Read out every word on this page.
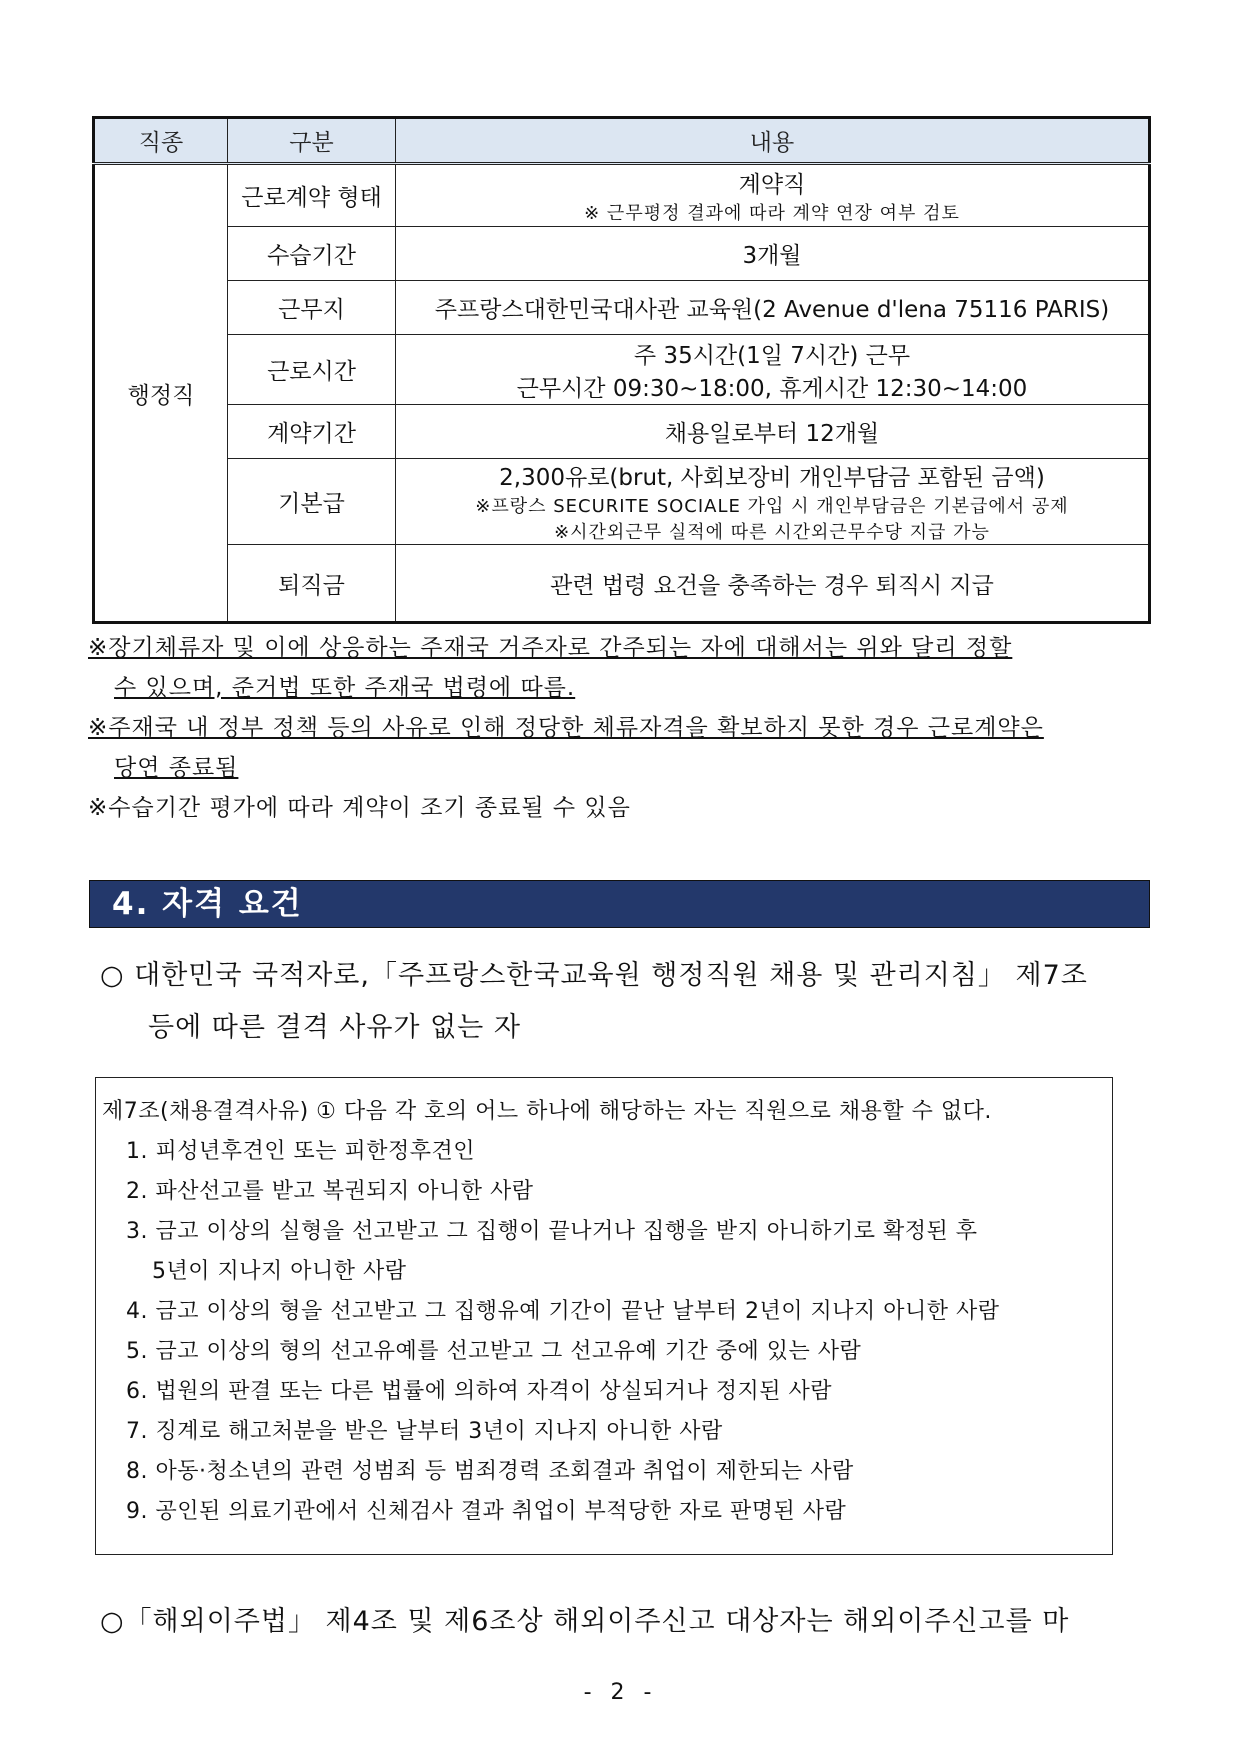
직종	구분	내용
행정직	근로계약 형태	계약직
※ 근무평정 결과에 따라 계약 연장 여부 검토

	수습기간	3개월

	근무지	주프랑스대한민국대사관 교육원(2 Avenue d'lena 75116 PARIS)

	근로시간	주 35시간(1일 7시간) 근무
근무시간 09:30~18:00, 휴게시간 12:30~14:00

	계약기간	채용일로부터 12개월

	기본급	2,300유로(brut, 사회보장비 개인부담금 포함된 금액)
※프랑스 SECURITE SOCIALE 가입 시 개인부담금은 기본급에서 공제
※시간외근무 실적에 따른 시간외근무수당 지급 가능

	퇴직금	관련 법령 요건을 충족하는 경우 퇴직시 지급
※장기체류자 및 이에 상응하는 주재국 거주자로 간주되는 자에 대해서는 위와 달리 정할
수 있으며, 준거법 또한 주재국 법령에 따름.
※주재국 내 정부 정책 등의 사유로 인해 정당한 체류자격을 확보하지 못한 경우 근로계약은
당연 종료됨
※수습기간 평가에 따라 계약이 조기 종료될 수 있음
4. 자격 요건
○ 대한민국 국적자로,「주프랑스한국교육원 행정직원 채용 및 관리지침」 제7조
등에 따른 결격 사유가 없는 자
제7조(채용결격사유) ① 다음 각 호의 어느 하나에 해당하는 자는 직원으로 채용할 수 없다.
1. 피성년후견인 또는 피한정후견인
2. 파산선고를 받고 복권되지 아니한 사람
3. 금고 이상의 실형을 선고받고 그 집행이 끝나거나 집행을 받지 아니하기로 확정된 후
5년이 지나지 아니한 사람
4. 금고 이상의 형을 선고받고 그 집행유예 기간이 끝난 날부터 2년이 지나지 아니한 사람
5. 금고 이상의 형의 선고유예를 선고받고 그 선고유예 기간 중에 있는 사람
6. 법원의 판결 또는 다른 법률에 의하여 자격이 상실되거나 정지된 사람
7. 징계로 해고처분을 받은 날부터 3년이 지나지 아니한 사람
8. 아동·청소년의 관련 성범죄 등 범죄경력 조회결과 취업이 제한되는 사람
9. 공인된 의료기관에서 신체검사 결과 취업이 부적당한 자로 판명된 사람
○「해외이주법」 제4조 및 제6조상 해외이주신고 대상자는 해외이주신고를 마
- 2 -
